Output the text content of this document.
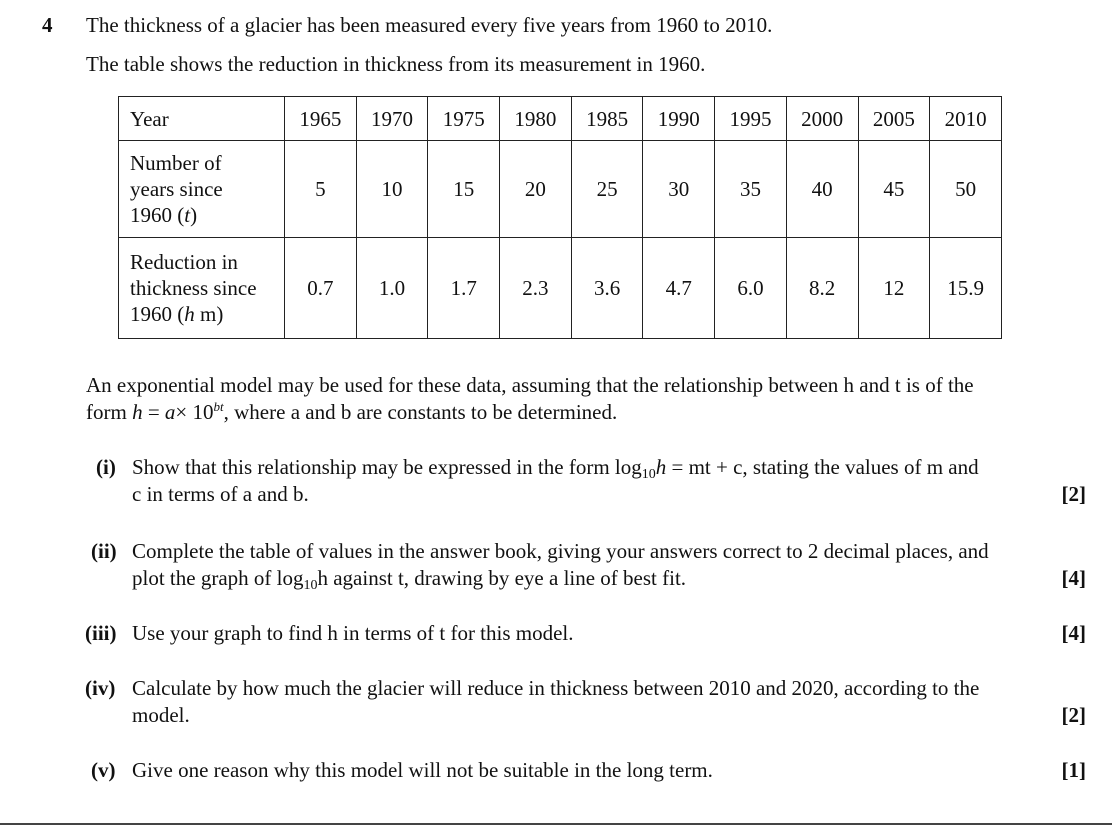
4 The thickness of a glacier has been measured every five years from 1960 to 2010.
The table shows the reduction in thickness from its measurement in 1960.
Year	1965	1970	1975	1980	1985	1990	1995	2000	2005	2010
Number of
years since
1960 (t)	5	10	15	20	25	30	35	40	45	50
Reduction in
thickness since
1960 (h m)	0.7	1.0	1.7	2.3	3.6	4.7	6.0	8.2	12	15.9
An exponential model may be used for these data, assuming that the relationship between h and t is of the
form $h = a\times 10^{bt}$, where a and b are constants to be determined.
(i) Show that this relationship may be expressed in the form $\log_{10}h$ = mt + c, stating the values of m and
c in terms of a and b.	[2]
(ii) Complete the table of values in the answer book, giving your answers correct to 2 decimal places, and
plot the graph of $\log_{10}h$ against t, drawing by eye a line of best fit.	[4]
(iii) Use your graph to find h in terms of t for this model.	[4]
(iv) Calculate by how much the glacier will reduce in thickness between 2010 and 2020, according to the
model.	[2]
(v) Give one reason why this model will not be suitable in the long term.	[1]
